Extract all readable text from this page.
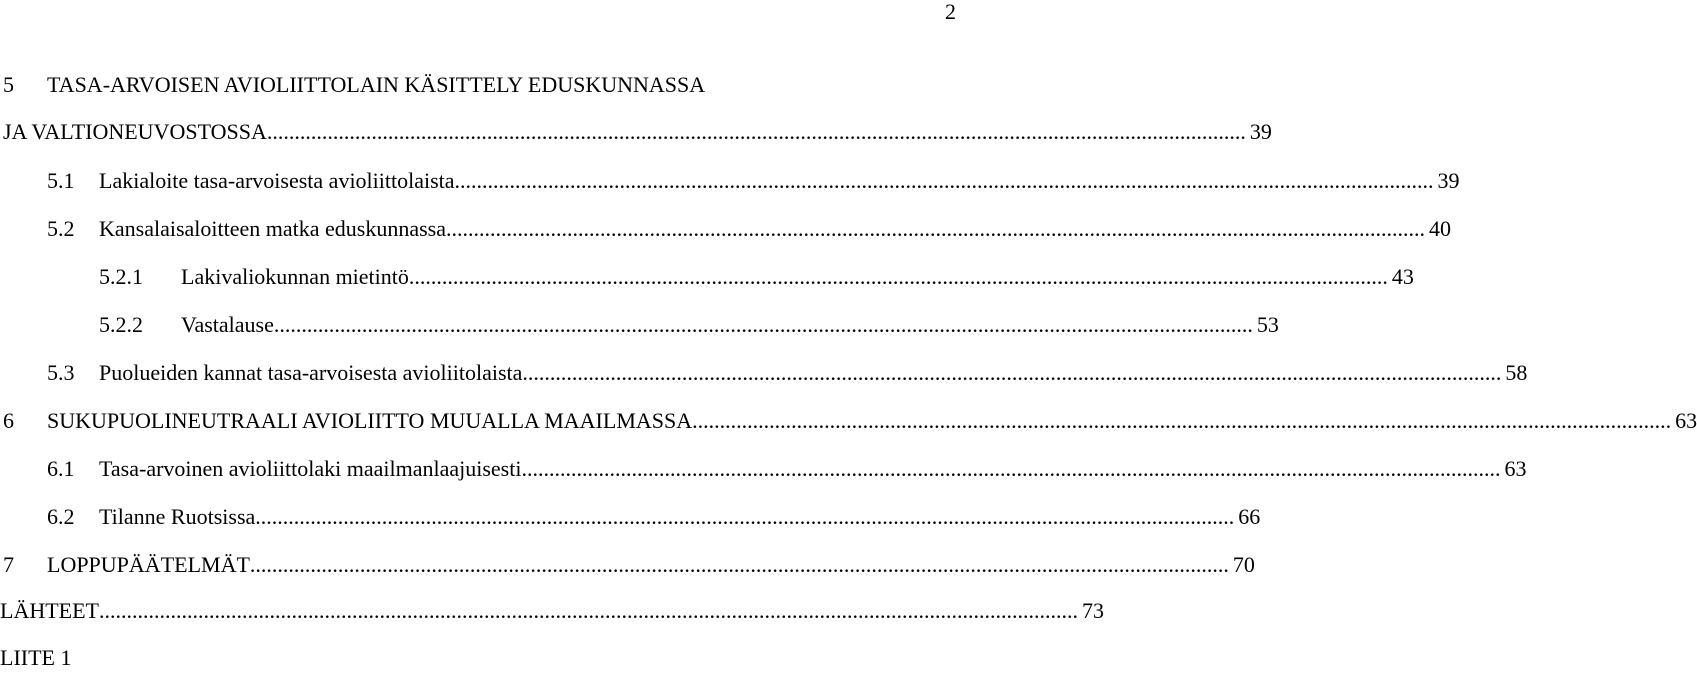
2
5 TASA-ARVOISEN AVIOLIITTOLAIN KÄSITTELY EDUSKUNNASSA
JA VALTIONEUVOSTOSSA .................................................................................................................................................................................. 39
5.1 Lakialoite tasa-arvoisesta avioliittolaista .................................................................................................................................................................................. 39
5.2 Kansalaisaloitteen matka eduskunnassa .................................................................................................................................................................................. 40
5.2.1 Lakivaliokunnan mietintö .................................................................................................................................................................................. 43
5.2.2 Vastalause .................................................................................................................................................................................. 53
5.3 Puolueiden kannat tasa-arvoisesta avioliitolaista .................................................................................................................................................................................. 58
6 SUKUPUOLINEUTRAALI AVIOLIITTO MUUALLA MAAILMASSA .................................................................................................................................................................................. 63
6.1 Tasa-arvoinen avioliittolaki maailmanlaajuisesti .................................................................................................................................................................................. 63
6.2 Tilanne Ruotsissa .................................................................................................................................................................................. 66
7 LOPPUPÄÄTELMÄT .................................................................................................................................................................................. 70
LÄHTEET .................................................................................................................................................................................. 73
LIITE 1
